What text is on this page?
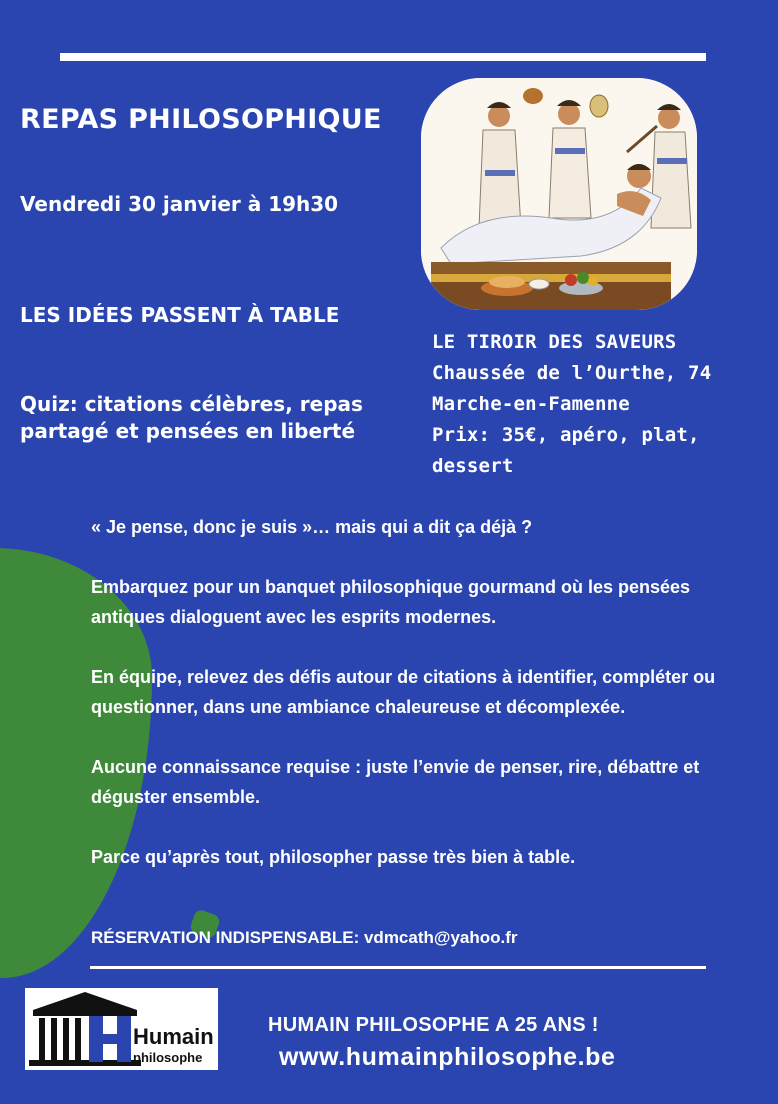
REPAS PHILOSOPHIQUE
Vendredi 30 janvier à 19h30
LES IDÉES PASSENT À TABLE
Quiz: citations célèbres, repas partagé et pensées en liberté
LE TIROIR DES SAVEURS
Chaussée de l’Ourthe, 74
Marche-en-Famenne
Prix: 35€, apéro, plat,
dessert

« Je pense, donc je suis »… mais qui a dit ça déjà ?

Embarquez pour un banquet philosophique gourmand où les pensées antiques dialoguent avec les esprits modernes.

En équipe, relevez des défis autour de citations à identifier, compléter ou questionner, dans une ambiance chaleureuse et décomplexée.

Aucune connaissance requise : juste l’envie de penser, rire, débattre et déguster ensemble.

Parce qu’après tout, philosopher passe très bien à table.

RÉSERVATION INDISPENSABLE: vdmcath@yahoo.fr
Humain
philosophe
HUMAIN PHILOSOPHE A 25 ANS !
www.humainphilosophe.be
